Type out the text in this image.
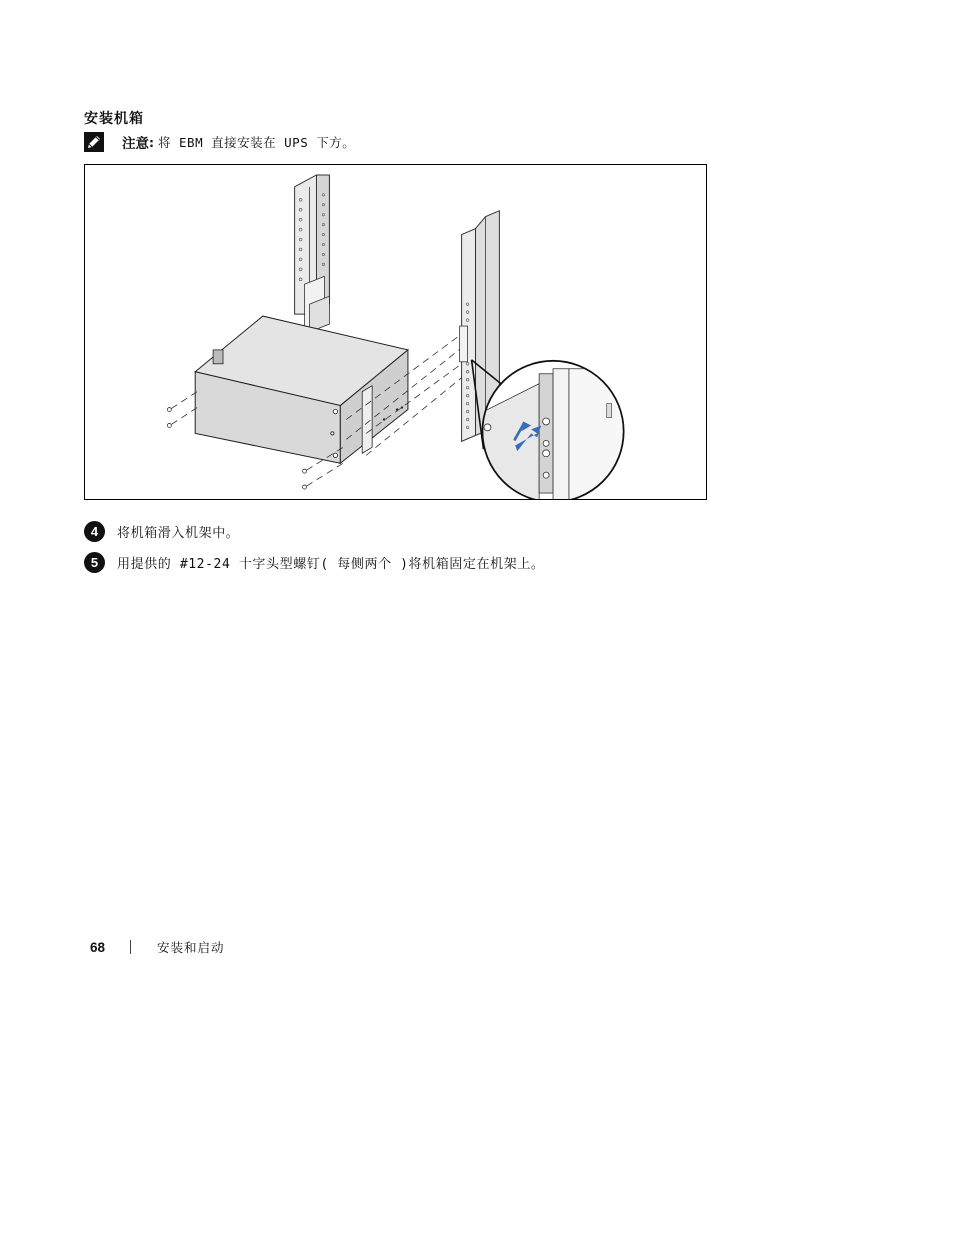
安装机箱
注意 : 将 EBM 直接安装在 UPS 下方。
4	将机箱滑入机架中。
5	用提供的 #12-24 十字头型螺钉( 每侧两个 )将机箱固定在机架上。
68	安装和启动
